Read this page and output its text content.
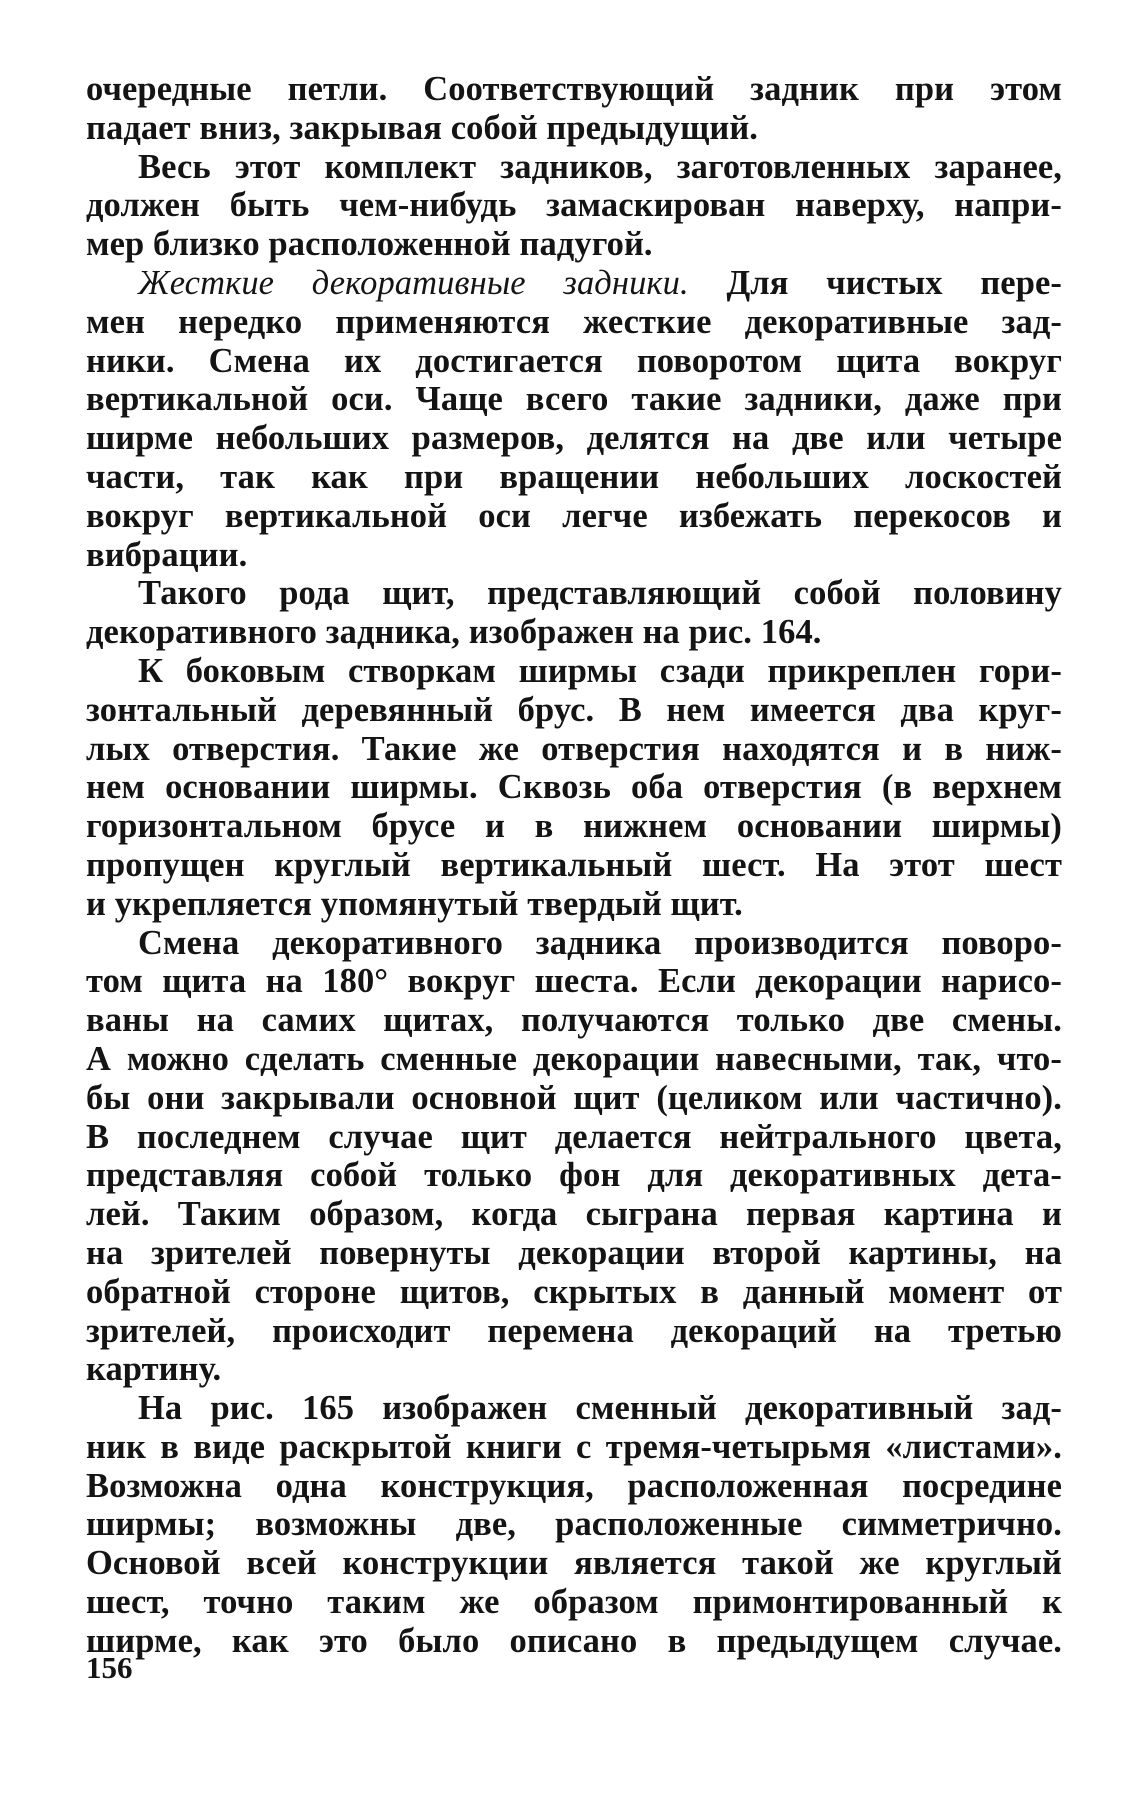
очередные петли. Соответствующий задник при этом
падает вниз, закрывая собой предыдущий.
Весь этот комплект задников, заготовленных заранее,
должен быть чем-нибудь замаскирован наверху, напри-
мер близко расположенной падугой.
Жесткие декоративные задники. Для чистых пере-
мен нередко применяются жесткие декоративные зад-
ники. Смена их достигается поворотом щита вокруг
вертикальной оси. Чаще всего такие задники, даже при
ширме небольших размеров, делятся на две или четыре
части, так как при вращении небольших лоскостей
вокруг вертикальной оси легче избежать перекосов и
вибрации.
Такого рода щит, представляющий собой половину
декоративного задника, изображен на рис. 164.
К боковым створкам ширмы сзади прикреплен гори-
зонтальный деревянный брус. В нем имеется два круг-
лых отверстия. Такие же отверстия находятся и в ниж-
нем основании ширмы. Сквозь оба отверстия (в верхнем
горизонтальном брусе и в нижнем основании ширмы)
пропущен круглый вертикальный шест. На этот шест
и укрепляется упомянутый твердый щит.
Смена декоративного задника производится поворо-
том щита на 180° вокруг шеста. Если декорации нарисо-
ваны на самих щитах, получаются только две смены.
А можно сделать сменные декорации навесными, так, что-
бы они закрывали основной щит (целиком или частично).
В последнем случае щит делается нейтрального цвета,
представляя собой только фон для декоративных дета-
лей. Таким образом, когда сыграна первая картина и
на зрителей повернуты декорации второй картины, на
обратной стороне щитов, скрытых в данный момент от
зрителей, происходит перемена декораций на третью
картину.
На рис. 165 изображен сменный декоративный зад-
ник в виде раскрытой книги с тремя-четырьмя «листами».
Возможна одна конструкция, расположенная посредине
ширмы; возможны две, расположенные симметрично.
Основой всей конструкции является такой же круглый
шест, точно таким же образом примонтированный к
ширме, как это было описано в предыдущем случае.
156
